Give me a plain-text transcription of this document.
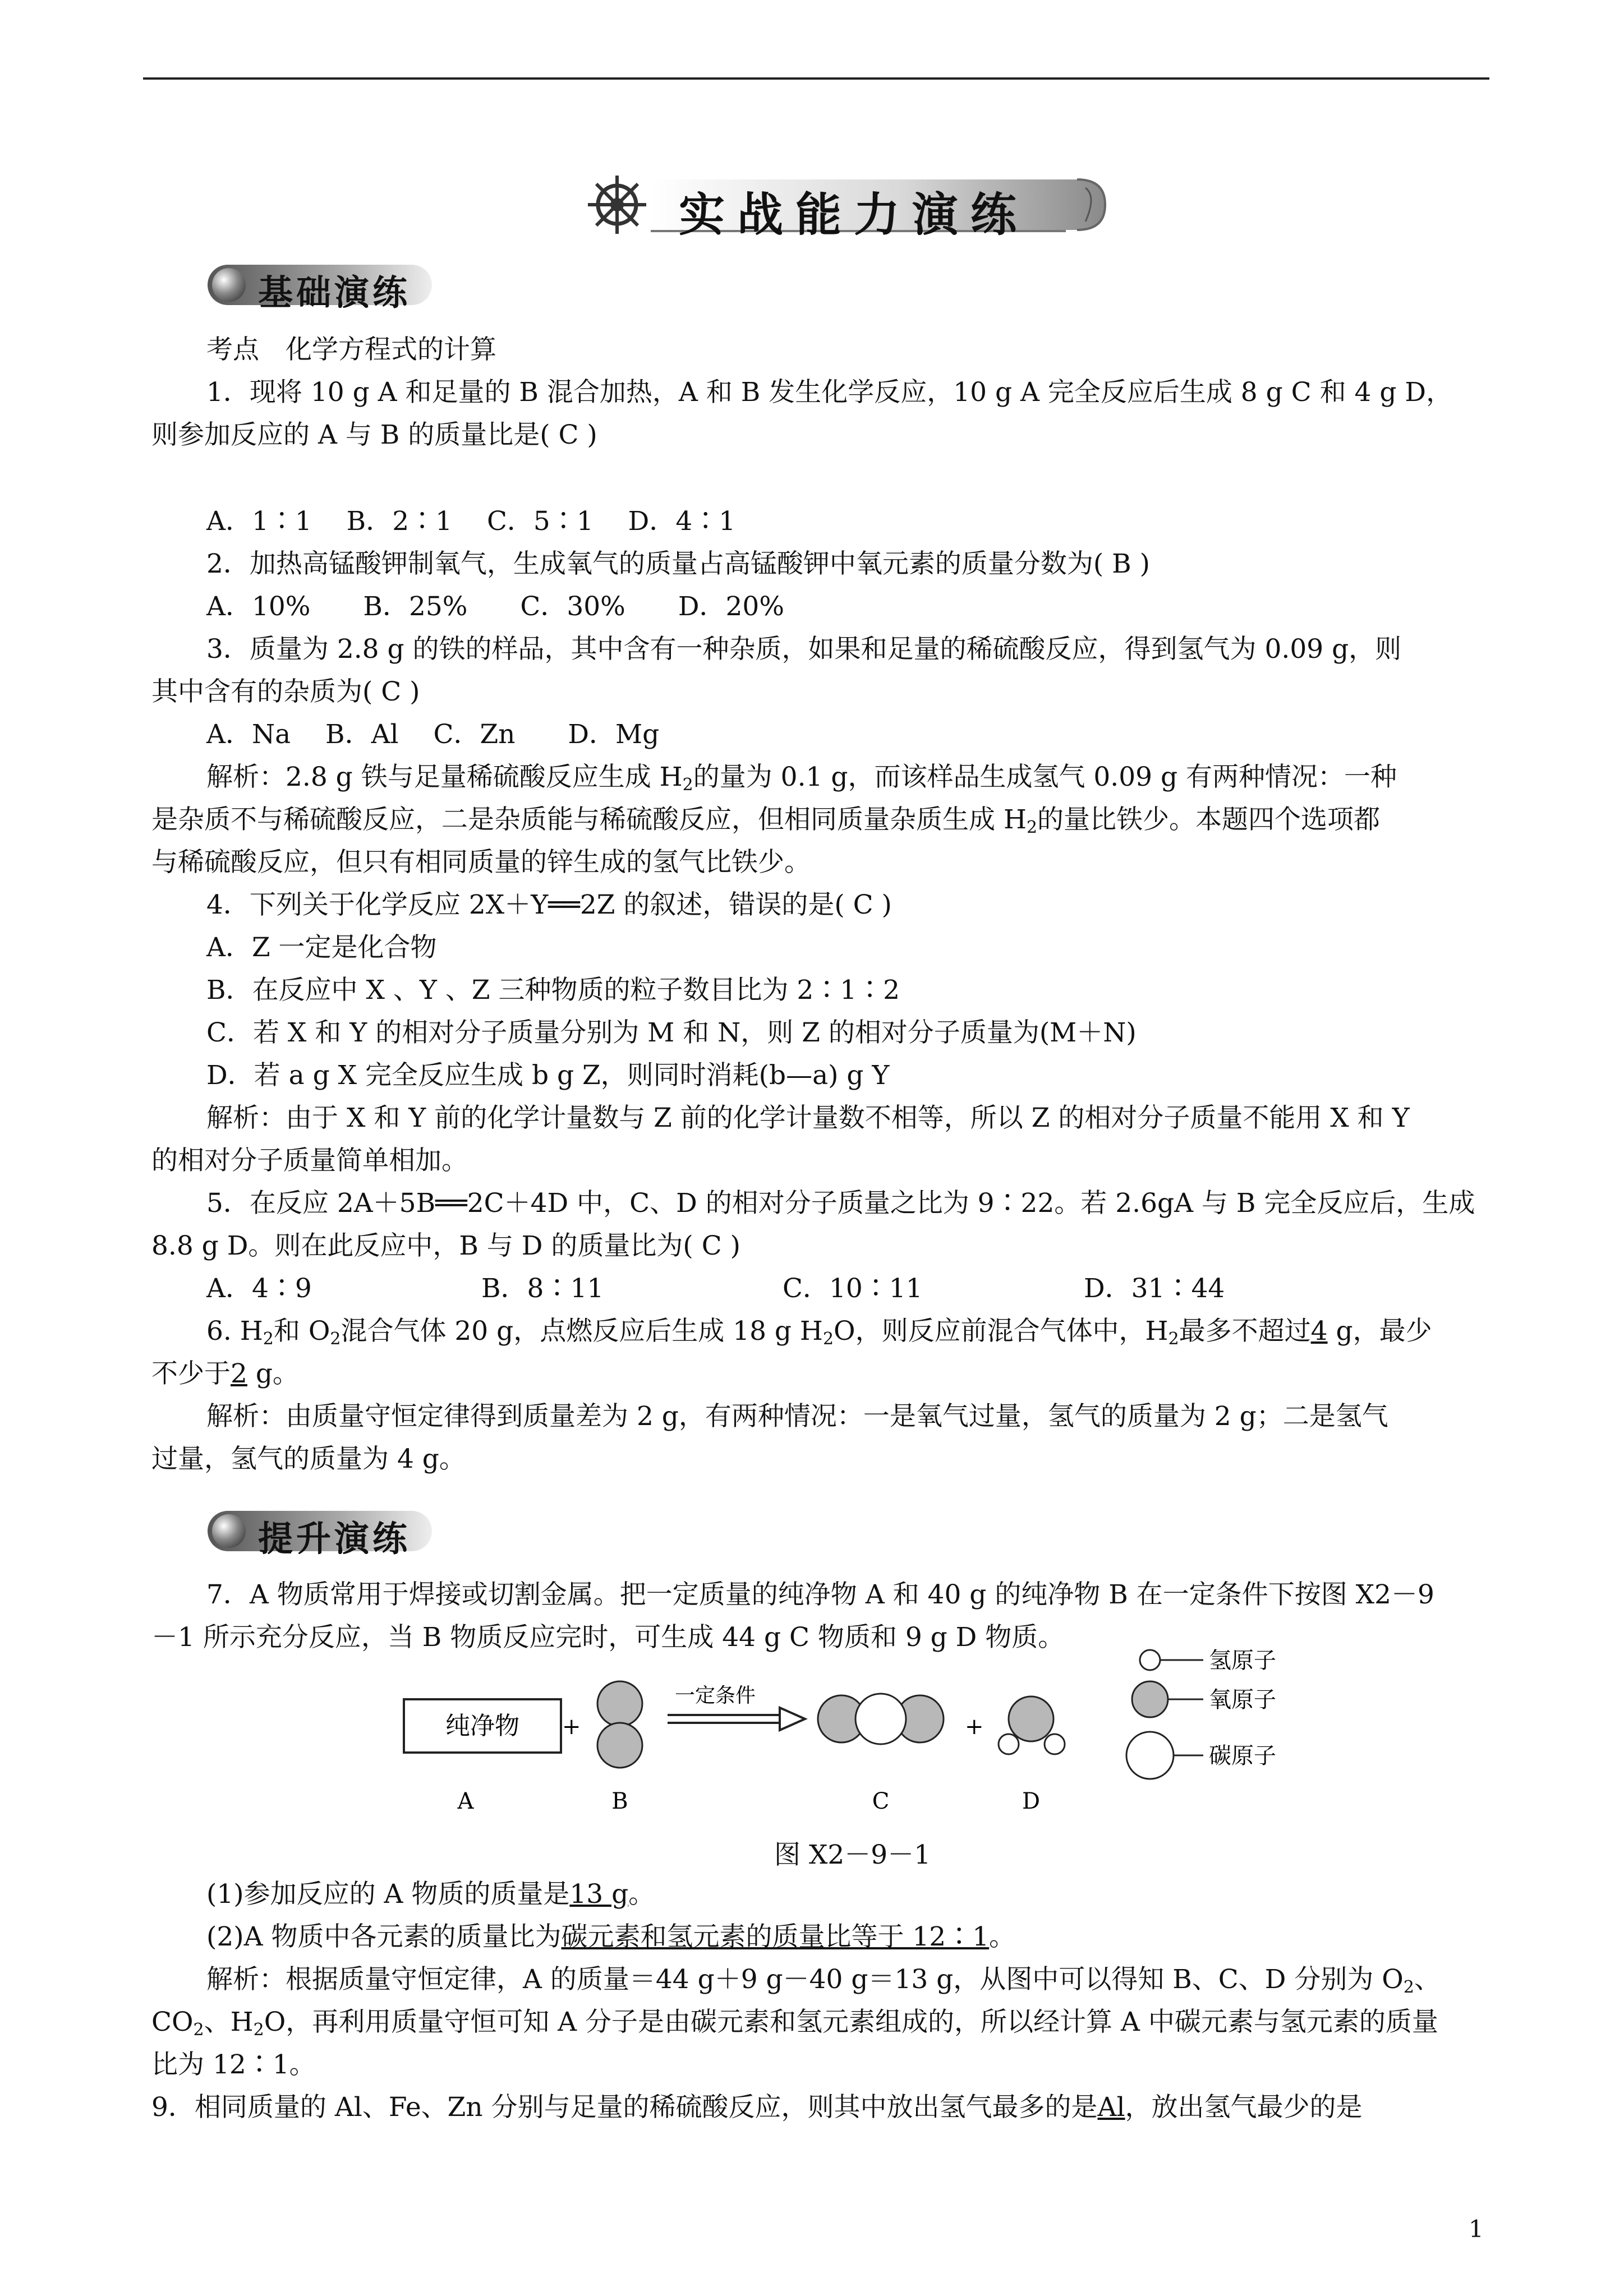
实战能力演练
基础演练
考点　化学方程式的计算
1．现将 10 g A 和足量的 B 混合加热，A 和 B 发生化学反应，10 g A 完全反应后生成 8 g C 和 4 g D，
则参加反应的 A 与 B 的质量比是( C )
A．1∶1　 B．2∶1　 C．5∶1　 D．4∶1
2．加热高锰酸钾制氧气，生成氧气的质量占高锰酸钾中氧元素的质量分数为( B )
A．10%　　B．25%　　C．30%　　D．20%
3．质量为 2.8 g 的铁的样品，其中含有一种杂质，如果和足量的稀硫酸反应，得到氢气为 0.09 g，则
其中含有的杂质为( C )
A．Na　 B．Al　 C．Zn　　D．Mg
解析：2.8 g 铁与足量稀硫酸反应生成 $H_2$的量为 0.1 g，而该样品生成氢气 0.09 g 有两种情况：一种
是杂质不与稀硫酸反应，二是杂质能与稀硫酸反应，但相同质量杂质生成 $H_2$的量比铁少。本题四个选项都
与稀硫酸反应，但只有相同质量的锌生成的氢气比铁少。
4．下列关于化学反应 2X＋Y══2Z 的叙述，错误的是( C )
A．Z 一定是化合物
B．在反应中 X 、Y 、Z 三种物质的粒子数目比为 2∶1∶2
C．若 X 和 Y 的相对分子质量分别为 M 和 N，则 Z 的相对分子质量为(M＋N)
D．若 a g X 完全反应生成 b g Z，则同时消耗(b—a) g Y
解析：由于 X 和 Y 前的化学计量数与 Z 前的化学计量数不相等，所以 Z 的相对分子质量不能用 X 和 Y
的相对分子质量简单相加。
5．在反应 2A＋5B══2C＋4D 中，C、D 的相对分子质量之比为 9∶22。若 2.6gA 与 B 完全反应后，生成
8.8 g D。则在此反应中，B 与 D 的质量比为( C )
A．4∶9	B．8∶11	C．10∶11	D．31∶44
6. $H_2$和 $O_2$混合气体 20 g，点燃反应后生成 18 g $H_2O$，则反应前混合气体中，$H_2$最多不超过4 g，最少
不少于2 g。
解析：由质量守恒定律得到质量差为 2 g，有两种情况：一是氧气过量，氢气的质量为 2 g；二是氢气
过量，氢气的质量为 4 g。
提升演练
7．A 物质常用于焊接或切割金属。把一定质量的纯净物 A 和 40 g 的纯净物 B 在一定条件下按图 X2－9
－1 所示充分反应，当 B 物质反应完时，可生成 44 g C 物质和 9 g D 物质。
纯净物 +
一定条件
+
A	B	C	D
氢原子
氧原子
碳原子
图 X2－9－1
(1)参加反应的 A 物质的质量是13 g。
(2)A 物质中各元素的质量比为碳元素和氢元素的质量比等于 12∶1。
解析：根据质量守恒定律，A 的质量＝44 g＋9 g－40 g＝13 g，从图中可以得知 B、C、D 分别为 $O_2$、
$CO_2$、$H_2O$，再利用质量守恒可知 A 分子是由碳元素和氢元素组成的，所以经计算 A 中碳元素与氢元素的质量
比为 12∶1。
9．相同质量的 Al、Fe、Zn 分别与足量的稀硫酸反应，则其中放出氢气最多的是Al，放出氢气最少的是
1
